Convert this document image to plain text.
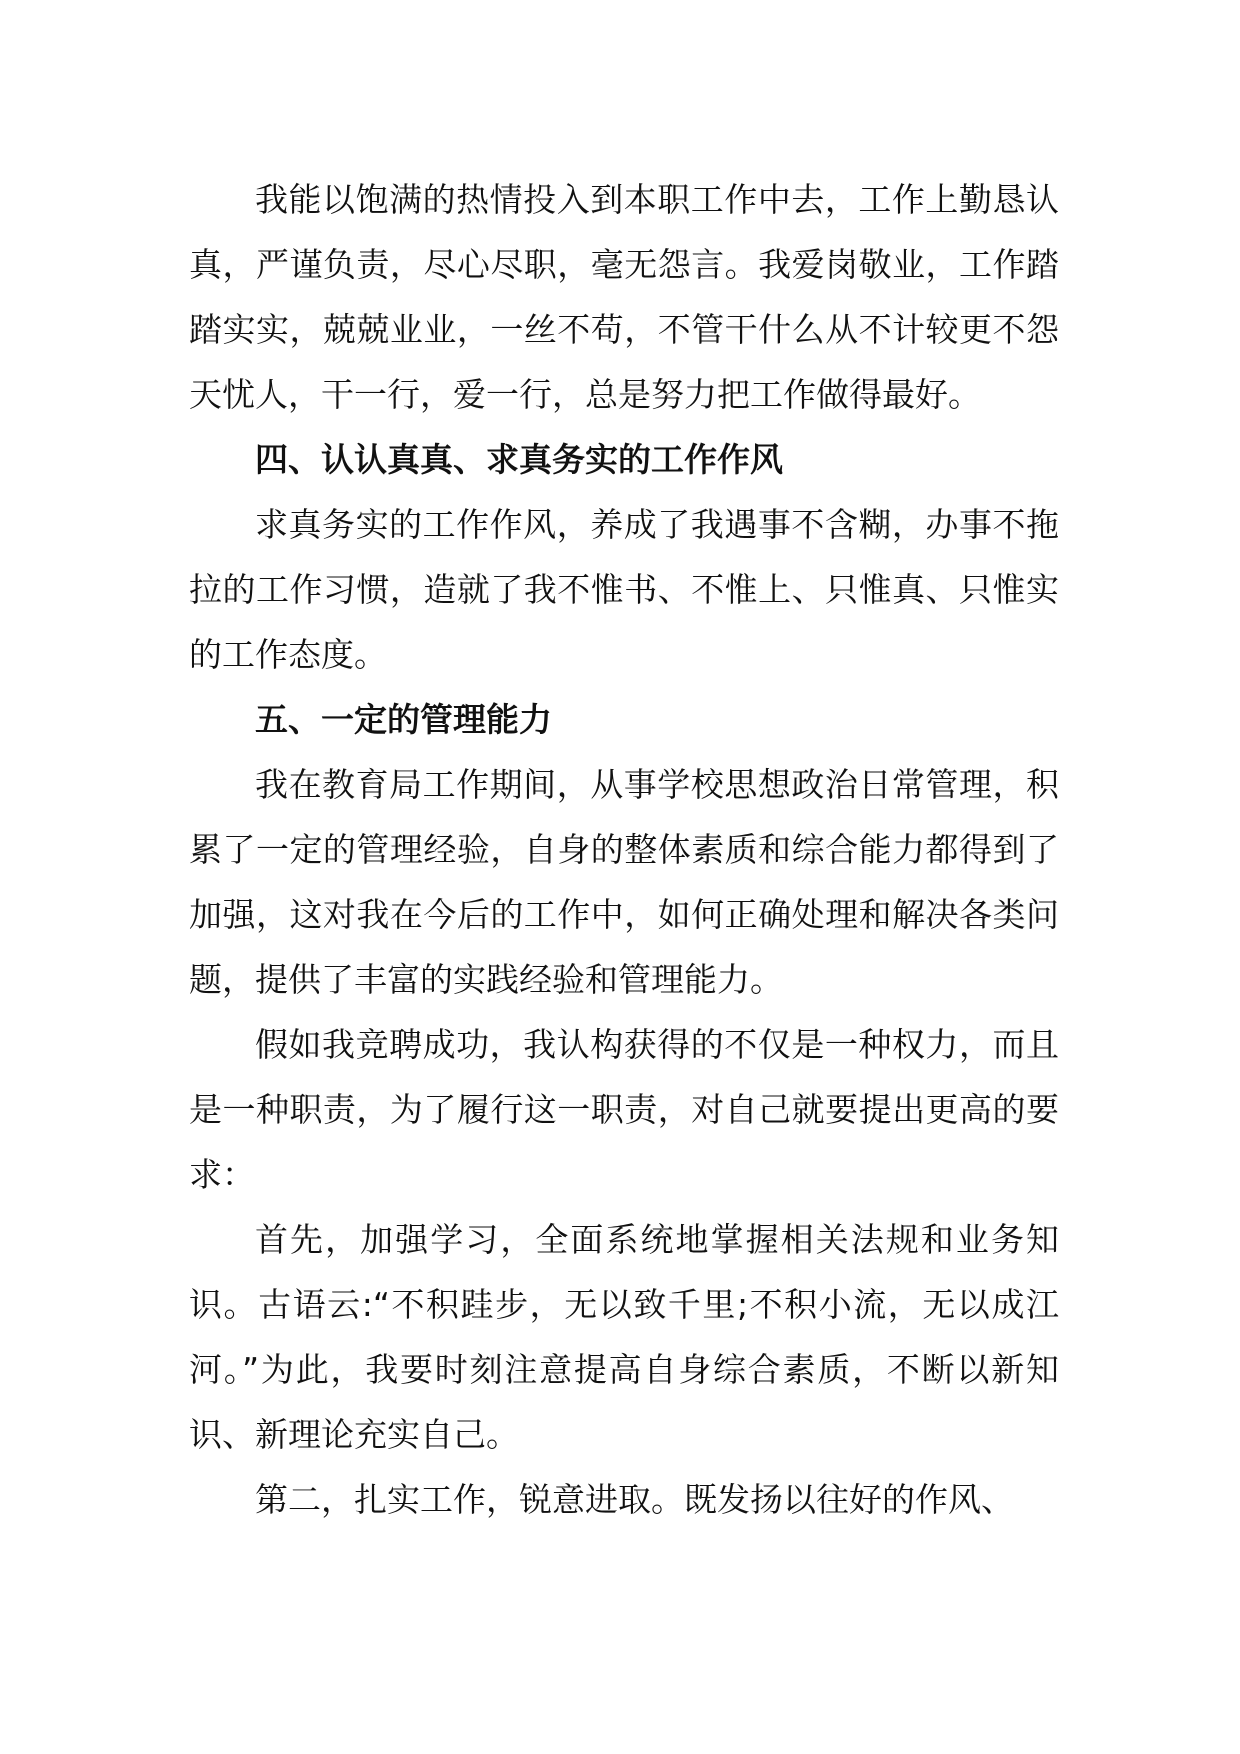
我能以饱满的热情投入到本职工作中去，工作上勤恳认真，严谨负责，尽心尽职，毫无怨言。我爱岗敬业，工作踏踏实实，兢兢业业，一丝不苟，不管干什么从不计较更不怨天忧人，干一行，爱一行，总是努力把工作做得最好。

四、认认真真、求真务实的工作作风

求真务实的工作作风，养成了我遇事不含糊，办事不拖拉的工作习惯，造就了我不惟书、不惟上、只惟真、只惟实的工作态度。

五、一定的管理能力

我在教育局工作期间，从事学校思想政治日常管理，积累了一定的管理经验，自身的整体素质和综合能力都得到了加强，这对我在今后的工作中，如何正确处理和解决各类问题，提供了丰富的实践经验和管理能力。

假如我竞聘成功，我认构获得的不仅是一种权力，而且是一种职责，为了履行这一职责，对自己就要提出更高的要求：

首先，加强学习，全面系统地掌握相关法规和业务知识。古语云:“不积跬步，无以致千里;不积小流，无以成江河。”为此，我要时刻注意提高自身综合素质，不断以新知识、新理论充实自己。

第二，扎实工作，锐意进取。既发扬以往好的作风、
